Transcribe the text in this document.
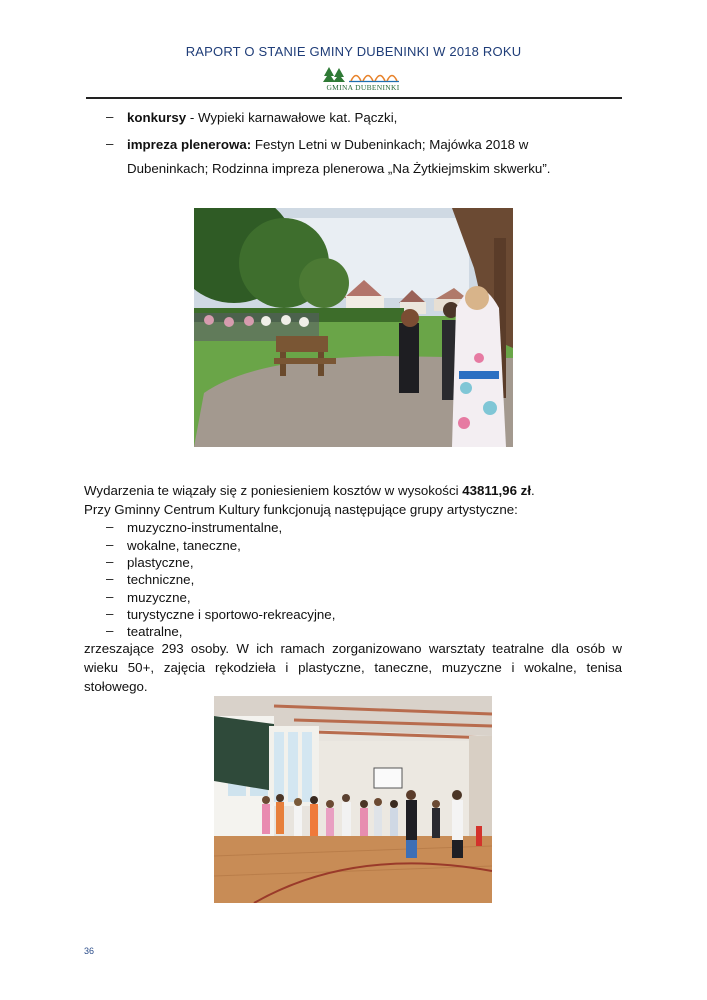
RAPORT O STANIE GMINY DUBENINKI W 2018 ROKU
GMINA DUBENINKI
– konkursy - Wypieki karnawałowe kat. Pączki,
– impreza plenerowa: Festyn Letni w Dubeninkach; Majówka 2018 w
Dubeninkach; Rodzinna impreza plenerowa „Na Żytkiejmskim skwerku”.
Wydarzenia te wiązały się z poniesieniem kosztów w wysokości 43811,96 zł.
Przy Gminny Centrum Kultury funkcjonują następujące grupy artystyczne:
– muzyczno-instrumentalne,
– wokalne, taneczne,
– plastyczne,
– techniczne,
– muzyczne,
– turystyczne i sportowo-rekreacyjne,
– teatralne,
zrzeszające 293 osoby. W ich ramach zorganizowano warsztaty teatralne dla osób w
wieku 50+, zajęcia rękodzieła i plastyczne, taneczne, muzyczne i wokalne, tenisa
stołowego.
36
